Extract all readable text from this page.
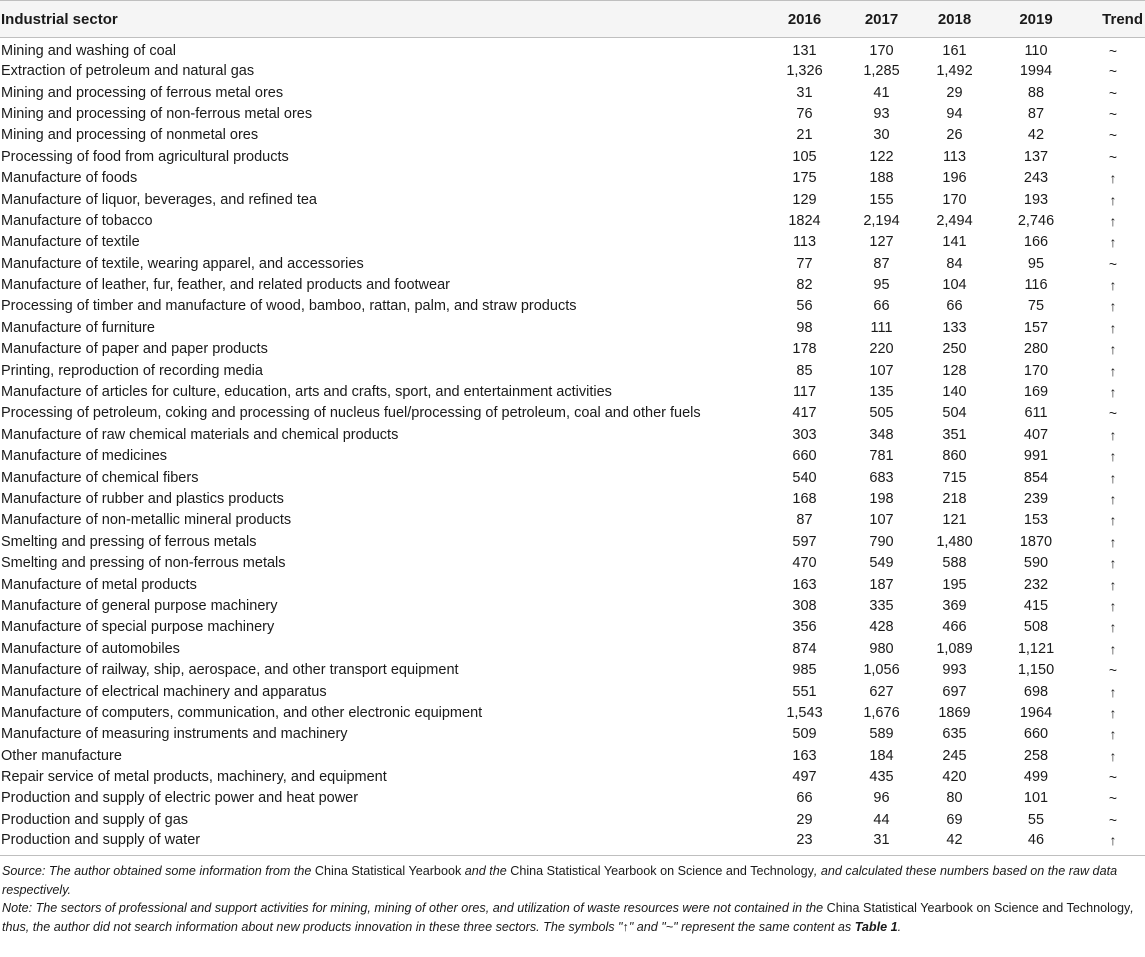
Industrial sector	2016	2017	2018	2019	Trend
Mining and washing of coal	131	170	161	110	~
Extraction of petroleum and natural gas	1,326	1,285	1,492	1994	~
Mining and processing of ferrous metal ores	31	41	29	88	~
Mining and processing of non-ferrous metal ores	76	93	94	87	~
Mining and processing of nonmetal ores	21	30	26	42	~
Processing of food from agricultural products	105	122	113	137	~
Manufacture of foods	175	188	196	243	↑
Manufacture of liquor, beverages, and refined tea	129	155	170	193	↑
Manufacture of tobacco	1824	2,194	2,494	2,746	↑
Manufacture of textile	113	127	141	166	↑
Manufacture of textile, wearing apparel, and accessories	77	87	84	95	~
Manufacture of leather, fur, feather, and related products and footwear	82	95	104	116	↑
Processing of timber and manufacture of wood, bamboo, rattan, palm, and straw products	56	66	66	75	↑
Manufacture of furniture	98	111	133	157	↑
Manufacture of paper and paper products	178	220	250	280	↑
Printing, reproduction of recording media	85	107	128	170	↑
Manufacture of articles for culture, education, arts and crafts, sport, and entertainment activities	117	135	140	169	↑
Processing of petroleum, coking and processing of nucleus fuel/processing of petroleum, coal and other fuels	417	505	504	611	~
Manufacture of raw chemical materials and chemical products	303	348	351	407	↑
Manufacture of medicines	660	781	860	991	↑
Manufacture of chemical fibers	540	683	715	854	↑
Manufacture of rubber and plastics products	168	198	218	239	↑
Manufacture of non-metallic mineral products	87	107	121	153	↑
Smelting and pressing of ferrous metals	597	790	1,480	1870	↑
Smelting and pressing of non-ferrous metals	470	549	588	590	↑
Manufacture of metal products	163	187	195	232	↑
Manufacture of general purpose machinery	308	335	369	415	↑
Manufacture of special purpose machinery	356	428	466	508	↑
Manufacture of automobiles	874	980	1,089	1,121	↑
Manufacture of railway, ship, aerospace, and other transport equipment	985	1,056	993	1,150	~
Manufacture of electrical machinery and apparatus	551	627	697	698	↑
Manufacture of computers, communication, and other electronic equipment	1,543	1,676	1869	1964	↑
Manufacture of measuring instruments and machinery	509	589	635	660	↑
Other manufacture	163	184	245	258	↑
Repair service of metal products, machinery, and equipment	497	435	420	499	~
Production and supply of electric power and heat power	66	96	80	101	~
Production and supply of gas	29	44	69	55	~
Production and supply of water	23	31	42	46	↑

Source: The author obtained some information from the China Statistical Yearbook and the China Statistical Yearbook on Science and Technology, and calculated these numbers based on the raw data respectively.

Note: The sectors of professional and support activities for mining, mining of other ores, and utilization of waste resources were not contained in the China Statistical Yearbook on Science and Technology, thus, the author did not search information about new products innovation in these three sectors. The symbols "↑" and "~" represent the same content as Table 1.
